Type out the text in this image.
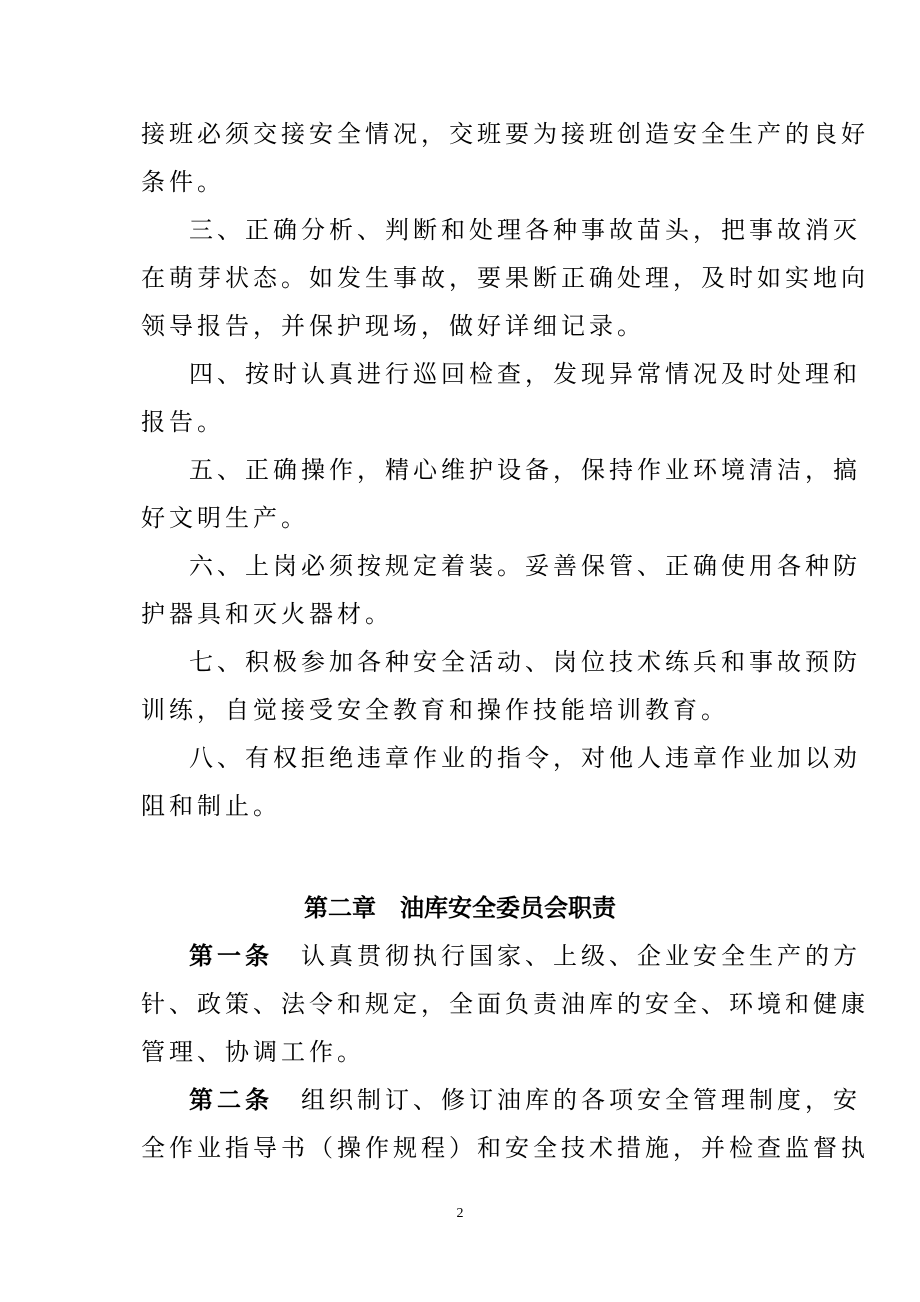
接班必须交接安全情况，交班要为接班创造安全生产的良好
条件。
三、正确分析、判断和处理各种事故苗头，把事故消灭
在萌芽状态。如发生事故，要果断正确处理，及时如实地向
领导报告，并保护现场，做好详细记录。
四、按时认真进行巡回检查，发现异常情况及时处理和
报告。
五、正确操作，精心维护设备，保持作业环境清洁，搞
好文明生产。
六、上岗必须按规定着装。妥善保管、正确使用各种防
护器具和灭火器材。
七、积极参加各种安全活动、岗位技术练兵和事故预防
训练，自觉接受安全教育和操作技能培训教育。
八、有权拒绝违章作业的指令，对他人违章作业加以劝
阻和制止。
第二章　油库安全委员会职责
第一条　认真贯彻执行国家、上级、企业安全生产的方
针、政策、法令和规定，全面负责油库的安全、环境和健康
管理、协调工作。
第二条　组织制订、修订油库的各项安全管理制度，安
全作业指导书（操作规程）和安全技术措施，并检查监督执
2
